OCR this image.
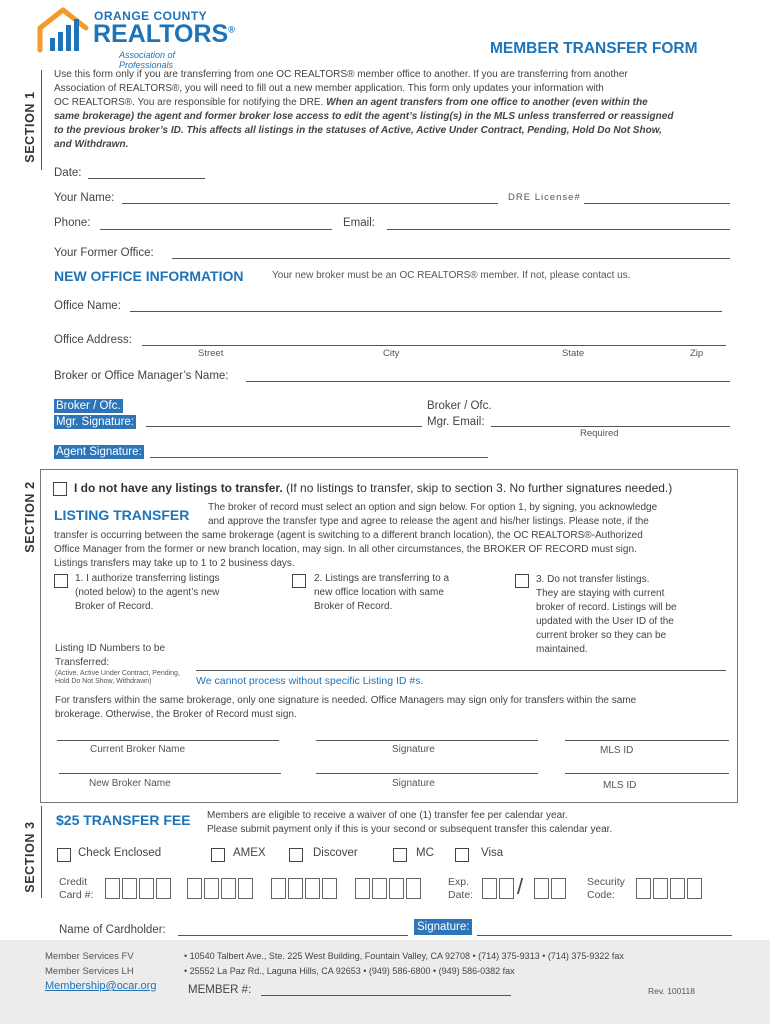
ORANGE COUNTY
REALTORS®
Association of Professionals
MEMBER TRANSFER FORM
SECTION 1
Use this form only if you are transferring from one OC REALTORS® member office to another. If you are transferring from another
Association of REALTORS®, you will need to fill out a new member application. This form only updates your information with
OC REALTORS®. You are responsible for notifying the DRE. When an agent transfers from one office to another (even within the
same brokerage) the agent and former broker lose access to edit the agent’s listing(s) in the MLS unless transferred or reassigned
to the previous broker’s ID. This affects all listings in the statuses of Active, Active Under Contract, Pending, Hold Do Not Show,
and Withdrawn.
Date:
Your Name:	DRE License#
Phone:	Email:
Your Former Office:
NEW OFFICE INFORMATION	Your new broker must be an OC REALTORS® member. If not, please contact us.
Office Name:
Office Address:
Street	City	State	Zip
Broker or Office Manager’s Name:
Broker / Ofc.
Mgr. Signature:
Broker / Ofc.
Mgr. Email:
Required
Agent Signature:
SECTION 2	I do not have any listings to transfer. (If no listings to transfer, skip to section 3. No further signatures needed.)
LISTING TRANSFER	The broker of record must select an option and sign below. For option 1, by signing, you acknowledge
and approve the transfer type and agree to release the agent and his/her listings. Please note, if the
transfer is occurring between the same brokerage (agent is switching to a different branch location), the OC REALTORS®-Authorized
Office Manager from the former or new branch location, may sign. In all other circumstances, the BROKER OF RECORD must sign.
Listings transfers may take up to 1 to 2 business days.
1. I authorize transferring listings
(noted below) to the agent’s new
Broker of Record.
2. Listings are transferring to a
new office location with same
Broker of Record.
3. Do not transfer listings.
They are staying with current
broker of record. Listings will be
updated with the User ID of the
current broker so they can be
maintained.
Listing ID Numbers to be
Transferred:
(Active, Active Under Contract, Pending,
Hold Do Not Show, Withdrawn)	We cannot process without specific Listing ID #s.
For transfers within the same brokerage, only one signature is needed. Office Managers may sign only for transfers within the same
brokerage. Otherwise, the Broker of Record must sign.
Current Broker Name	Signature	MLS ID
New Broker Name	Signature	MLS ID
SECTION 3
$25 TRANSFER FEE Members are eligible to receive a waiver of one (1) transfer fee per calendar year.
Please submit payment only if this is your second or subsequent transfer this calendar year.
Check Enclosed	AMEX	Discover	MC	Visa
Credit
Card #:
Exp.
Date: /	Security
Code:
Name of Cardholder:	Signature:
Member Services FV
Member Services LH
Membership@ocar.org
• 10540 Talbert Ave., Ste. 225 West Building, Fountain Valley, CA 92708 • (714) 375-9313 • (714) 375-9322 fax
• 25552 La Paz Rd., Laguna Hills, CA 92653 • (949) 586-6800 • (949) 586-0382 fax
MEMBER #:	Rev. 100118
